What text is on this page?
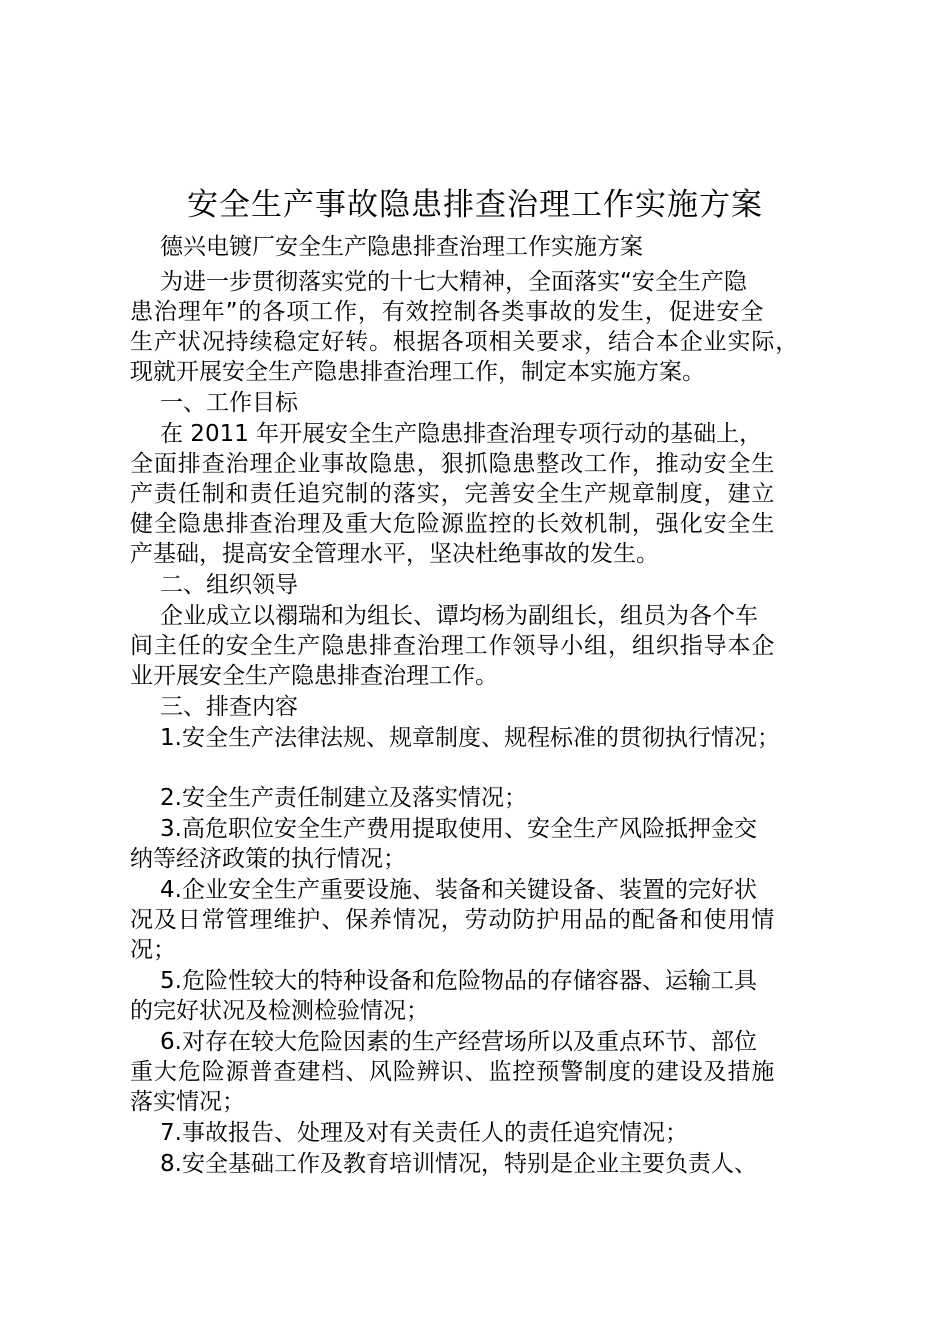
安全生产事故隐患排查治理工作实施方案
德兴电镀厂安全生产隐患排查治理工作实施方案
为进一步贯彻落实党的十七大精神，全面落实“安全生产隐
患治理年”的各项工作，有效控制各类事故的发生，促进安全
生产状况持续稳定好转。根据各项相关要求，结合本企业实际，
现就开展安全生产隐患排查治理工作，制定本实施方案。
一、工作目标
在 2011 年开展安全生产隐患排查治理专项行动的基础上，
全面排查治理企业事故隐患，狠抓隐患整改工作，推动安全生
产责任制和责任追究制的落实，完善安全生产规章制度，建立
健全隐患排查治理及重大危险源监控的长效机制，强化安全生
产基础，提高安全管理水平，坚决杜绝事故的发生。
二、组织领导
企业成立以禤瑞和为组长、谭均杨为副组长，组员为各个车
间主任的安全生产隐患排查治理工作领导小组，组织指导本企
业开展安全生产隐患排查治理工作。
三、排查内容
1.安全生产法律法规、规章制度、规程标准的贯彻执行情况；
2.安全生产责任制建立及落实情况；
3.高危职位安全生产费用提取使用、安全生产风险抵押金交
纳等经济政策的执行情况；
4.企业安全生产重要设施、装备和关键设备、装置的完好状
况及日常管理维护、保养情况，劳动防护用品的配备和使用情
况；
5.危险性较大的特种设备和危险物品的存储容器、运输工具
的完好状况及检测检验情况；
6.对存在较大危险因素的生产经营场所以及重点环节、部位
重大危险源普查建档、风险辨识、监控预警制度的建设及措施
落实情况；
7.事故报告、处理及对有关责任人的责任追究情况；
8.安全基础工作及教育培训情况，特别是企业主要负责人、
